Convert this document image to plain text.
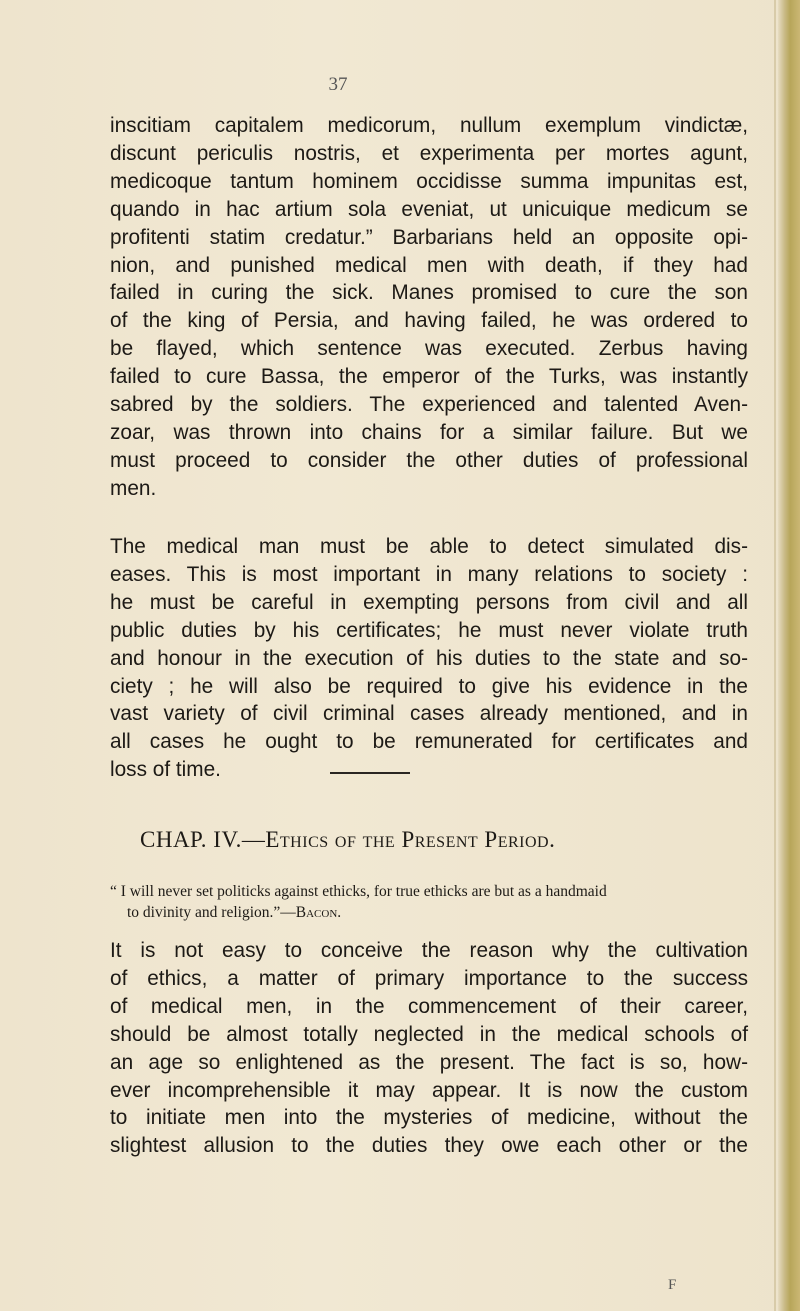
37
inscitiam capitalem medicorum, nullum exemplum vindictæ,
discunt periculis nostris, et experimenta per mortes agunt,
medicoque tantum hominem occidisse summa impunitas est,
quando in hac artium sola eveniat, ut unicuique medicum se
profitenti statim credatur.” Barbarians held an opposite opi-
nion, and punished medical men with death, if they had
failed in curing the sick. Manes promised to cure the son
of the king of Persia, and having failed, he was ordered to
be flayed, which sentence was executed. Zerbus having
failed to cure Bassa, the emperor of the Turks, was instantly
sabred by the soldiers. The experienced and talented Aven-
zoar, was thrown into chains for a similar failure. But we
must proceed to consider the other duties of professional
men.
The medical man must be able to detect simulated dis-
eases. This is most important in many relations to society :
he must be careful in exempting persons from civil and all
public duties by his certificates; he must never violate truth
and honour in the execution of his duties to the state and so-
ciety ; he will also be required to give his evidence in the
vast variety of civil criminal cases already mentioned, and in
all cases he ought to be remunerated for certificates and
loss of time.
CHAP. IV.—Ethics of the Present Period.
“ I will never set politicks against ethicks, for true ethicks are but as a handmaid
to divinity and religion.”—Bacon.
It is not easy to conceive the reason why the cultivation
of ethics, a matter of primary importance to the success
of medical men, in the commencement of their career,
should be almost totally neglected in the medical schools of
an age so enlightened as the present. The fact is so, how-
ever incomprehensible it may appear. It is now the custom
to initiate men into the mysteries of medicine, without the
slightest allusion to the duties they owe each other or the
F
